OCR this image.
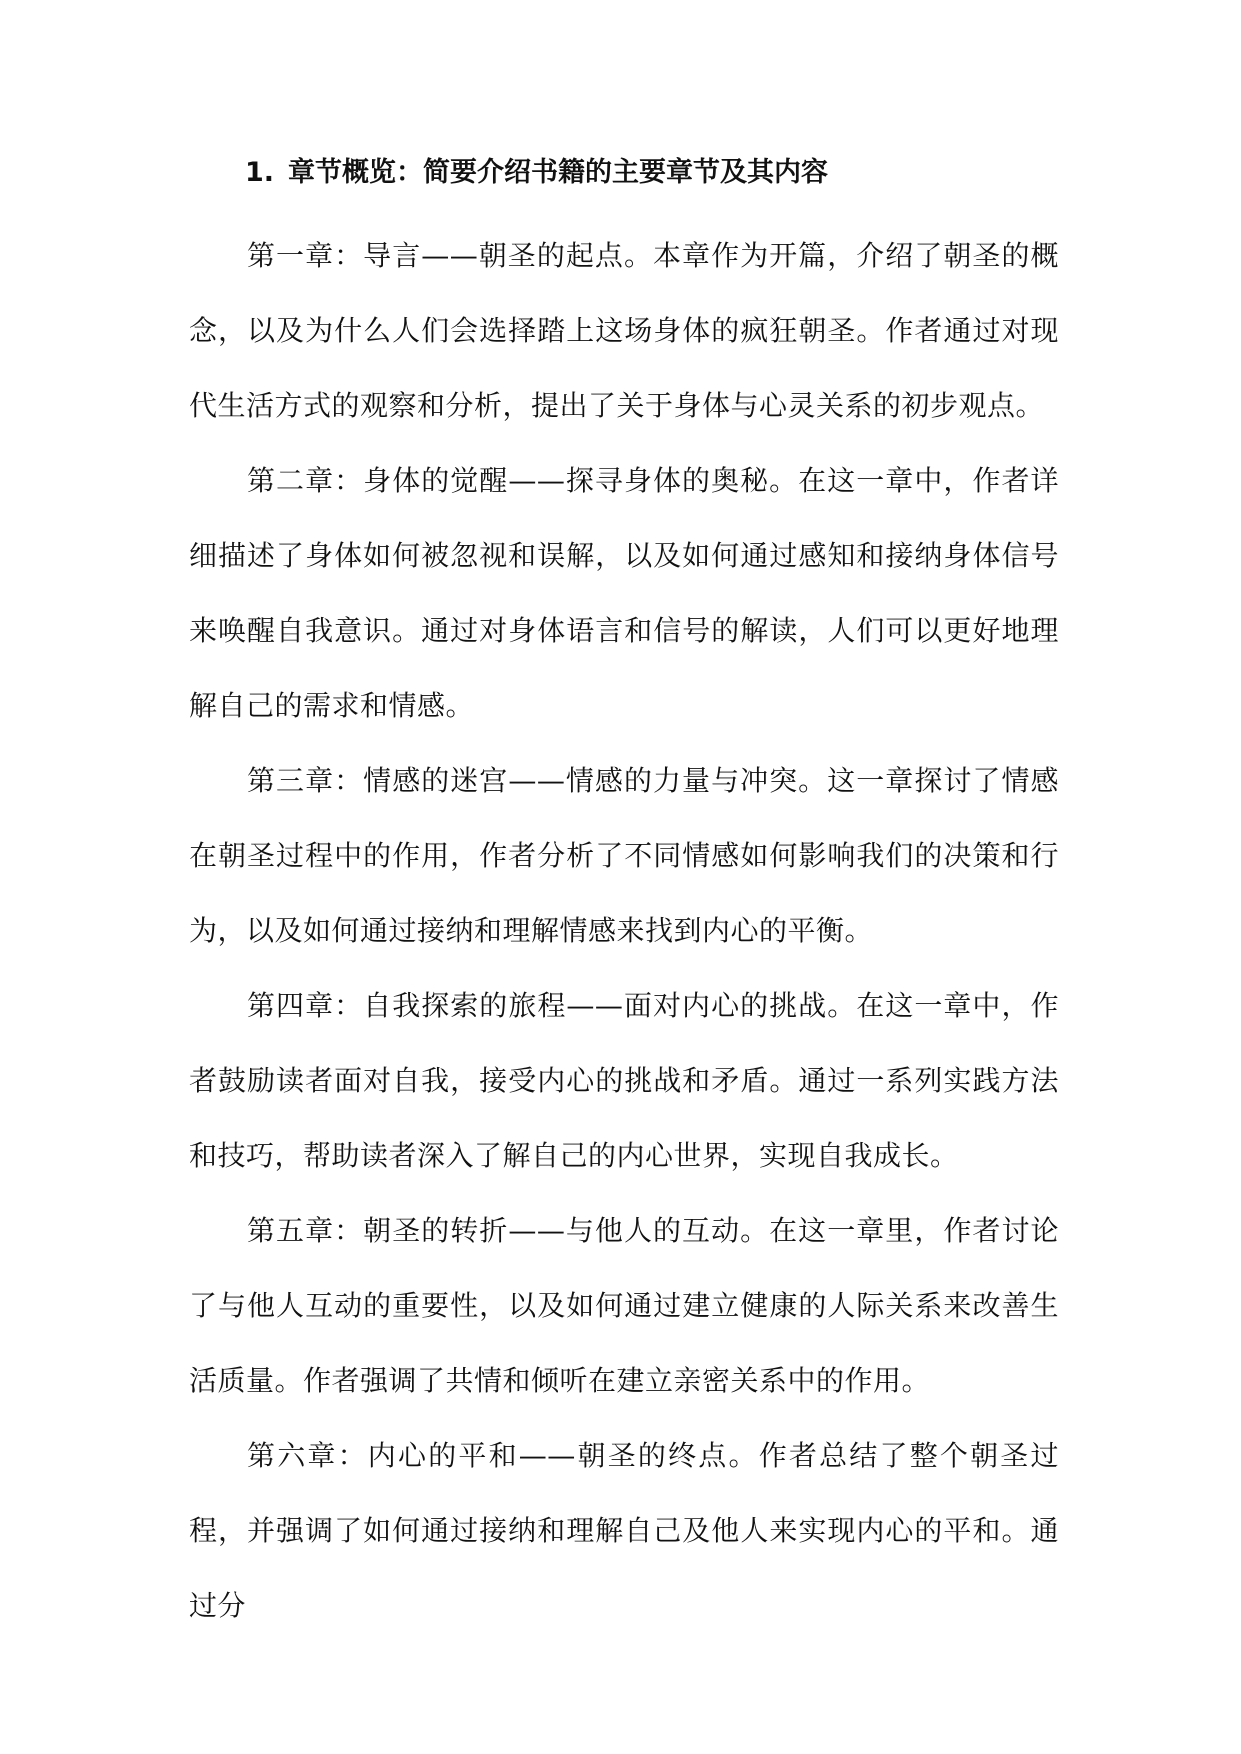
1. 章节概览：简要介绍书籍的主要章节及其内容

第一章：导言——朝圣的起点。本章作为开篇，介绍了朝圣的概念，以及为什么人们会选择踏上这场身体的疯狂朝圣。作者通过对现代生活方式的观察和分析，提出了关于身体与心灵关系的初步观点。

第二章：身体的觉醒——探寻身体的奥秘。在这一章中，作者详细描述了身体如何被忽视和误解，以及如何通过感知和接纳身体信号来唤醒自我意识。通过对身体语言和信号的解读，人们可以更好地理解自己的需求和情感。

第三章：情感的迷宫——情感的力量与冲突。这一章探讨了情感在朝圣过程中的作用，作者分析了不同情感如何影响我们的决策和行为，以及如何通过接纳和理解情感来找到内心的平衡。

第四章：自我探索的旅程——面对内心的挑战。在这一章中，作者鼓励读者面对自我，接受内心的挑战和矛盾。通过一系列实践方法和技巧，帮助读者深入了解自己的内心世界，实现自我成长。

第五章：朝圣的转折——与他人的互动。在这一章里，作者讨论了与他人互动的重要性，以及如何通过建立健康的人际关系来改善生活质量。作者强调了共情和倾听在建立亲密关系中的作用。

第六章：内心的平和——朝圣的终点。作者总结了整个朝圣过程，并强调了如何通过接纳和理解自己及他人来实现内心的平和。通过分
